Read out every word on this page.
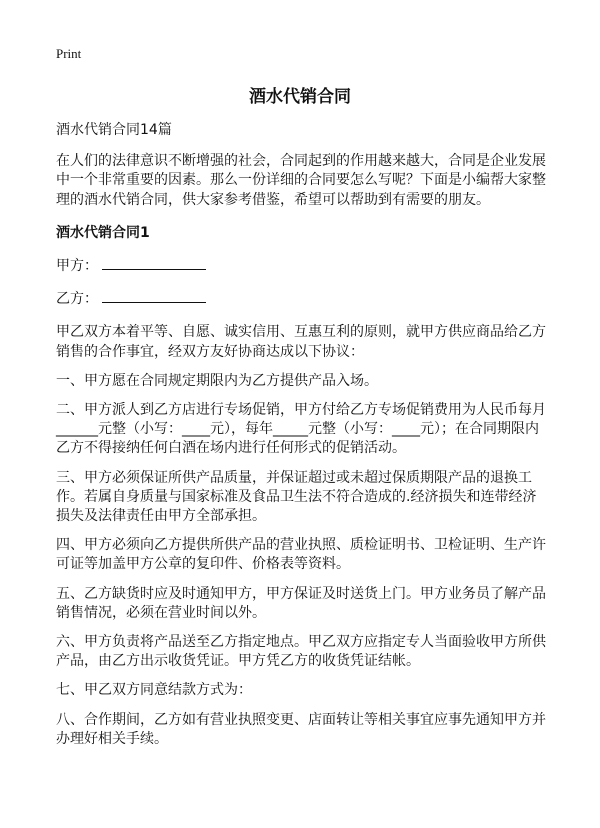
Print
酒水代销合同

酒水代销合同14篇

在人们的法律意识不断增强的社会，合同起到的作用越来越大，合同是企业发展中一个非常重要的因素。那么一份详细的合同要怎么写呢？下面是小编帮大家整理的酒水代销合同，供大家参考借鉴，希望可以帮助到有需要的朋友。

酒水代销合同1

甲方：

乙方：

甲乙双方本着平等、自愿、诚实信用、互惠互利的原则，就甲方供应商品给乙方销售的合作事宜，经双方友好协商达成以下协议：

一、甲方愿在合同规定期限内为乙方提供产品入场。

二、甲方派人到乙方店进行专场促销，甲方付给乙方专场促销费用为人民币每月______元整（小写：____元），每年_____元整（小写：____元）；在合同期限内乙方不得接纳任何白酒在场内进行任何形式的促销活动。

三、甲方必须保证所供产品质量，并保证超过或未超过保质期限产品的退换工作。若属自身质量与国家标准及食品卫生法不符合造成的.经济损失和连带经济损失及法律责任由甲方全部承担。

四、甲方必须向乙方提供所供产品的营业执照、质检证明书、卫检证明、生产许可证等加盖甲方公章的复印件、价格表等资料。

五、乙方缺货时应及时通知甲方，甲方保证及时送货上门。甲方业务员了解产品销售情况，必须在营业时间以外。

六、甲方负责将产品送至乙方指定地点。甲乙双方应指定专人当面验收甲方所供产品，由乙方出示收货凭证。甲方凭乙方的收货凭证结帐。

七、甲乙双方同意结款方式为：

八、合作期间，乙方如有营业执照变更、店面转让等相关事宜应事先通知甲方并办理好相关手续。
